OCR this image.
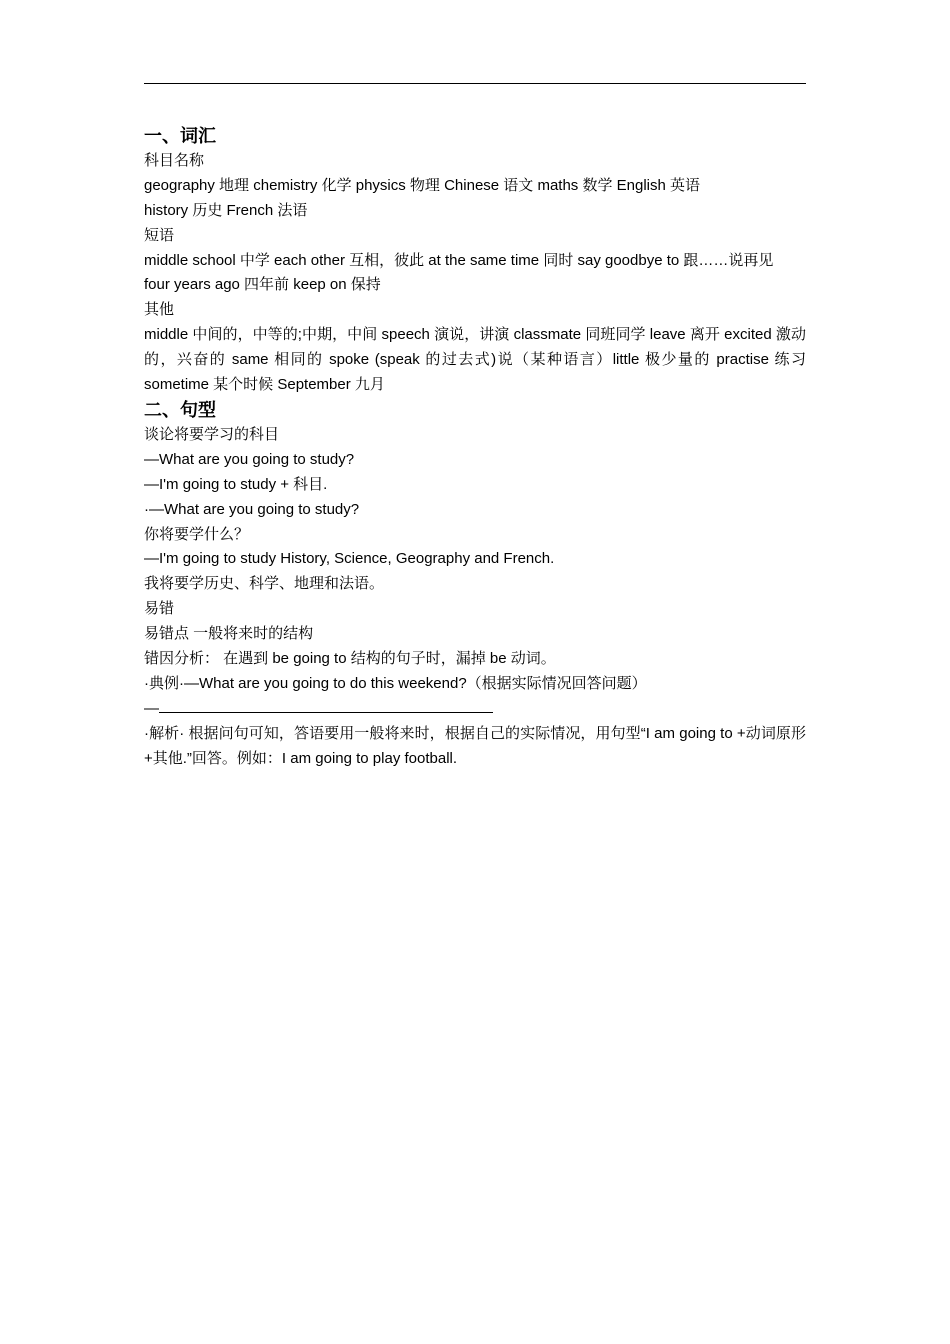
一、词汇

科目名称

geography 地理 chemistry 化学 physics 物理 Chinese 语文 maths 数学 English 英语

history 历史 French 法语

短语

middle school 中学 each other 互相，彼此 at the same time 同时 say goodbye to 跟……说再见

four years ago 四年前 keep on 保持

其他

middle 中间的，中等的;中期，中间 speech 演说，讲演 classmate 同班同学 leave 离开 excited 激动的，兴奋的 same 相同的 spoke (speak 的过去式)说（某种语言）little 极少量的 practise 练习 sometime 某个时候 September 九月

二、句型

谈论将要学习的科目

—What are you going to study?

—I'm going to study + 科目.

·—What are you going to study?

你将要学什么？

—I'm going to study History, Science, Geography and French.

我将要学历史、科学、地理和法语。

易错

易错点 一般将来时的结构

错因分析： 在遇到 be going to 结构的句子时，漏掉 be 动词。

·典例·—What are you going to do this weekend?（根据实际情况回答问题）

—

·解析· 根据问句可知，答语要用一般将来时，根据自己的实际情况，用句型“I am going to +动词原形+其他.”回答。例如：I am going to play football.
